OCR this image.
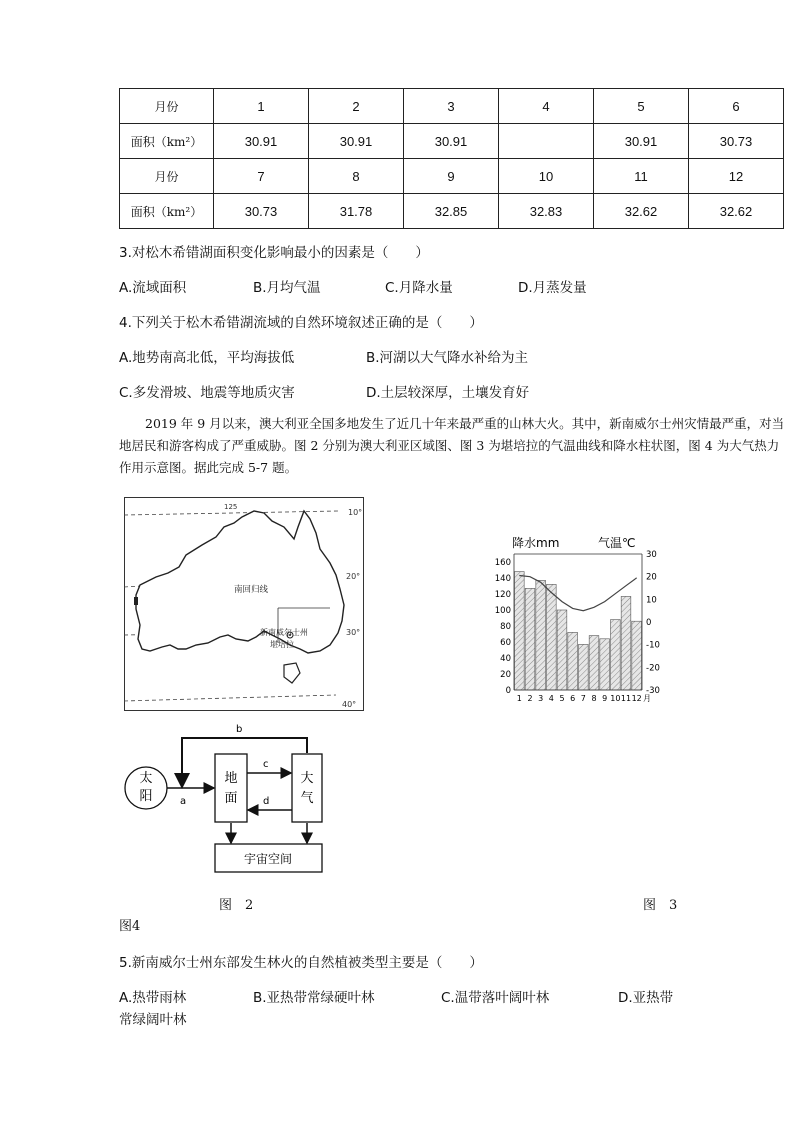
月份	1	2	3	4	5	6
面积（km²）	30.91	30.91	30.91		30.91	30.73
月份	7	8	9	10	11	12
面积（km²）	30.73	31.78	32.85	32.83	32.62	32.62
3.对松木希错湖面积变化影响最小的因素是（　　）
A.流域面积	B.月均气温	C.月降水量	D.月蒸发量
4.下列关于松木希错湖流域的自然环境叙述正确的是（　　）
A.地势南高北低，平均海拔低	B.河湖以大气降水补给为主
C.多发滑坡、地震等地质灾害	D.土层较深厚，土壤发育好
2019 年 9 月以来，澳大利亚全国多地发生了近几十年来最严重的山林大火。其中，新南威尔士州灾情最严重，对当地居民和游客构成了严重威胁。图 2 分别为澳大利亚区域图、图 3 为堪培拉的气温曲线和降水柱状图，图 4 为大气热力作用示意图。据此完成 5-7 题。
10°
20°
30°
40°
南回归线
新南威尔士州
堪培拉
125
降水mm	气温℃
0
20
40
60
80
100
120
140
160
-30
-20
-10
0
10
20
30
1 2 3 4 5 6 7 8 9 10 11 12 月
太
阳
地
面
大
气
宇宙空间
a
b
c
d
图　2	图　3
图4
5.新南威尔士州东部发生林火的自然植被类型主要是（　　）
A.热带雨林	B.亚热带常绿硬叶林	C.温带落叶阔叶林	D.亚热带
常绿阔叶林
